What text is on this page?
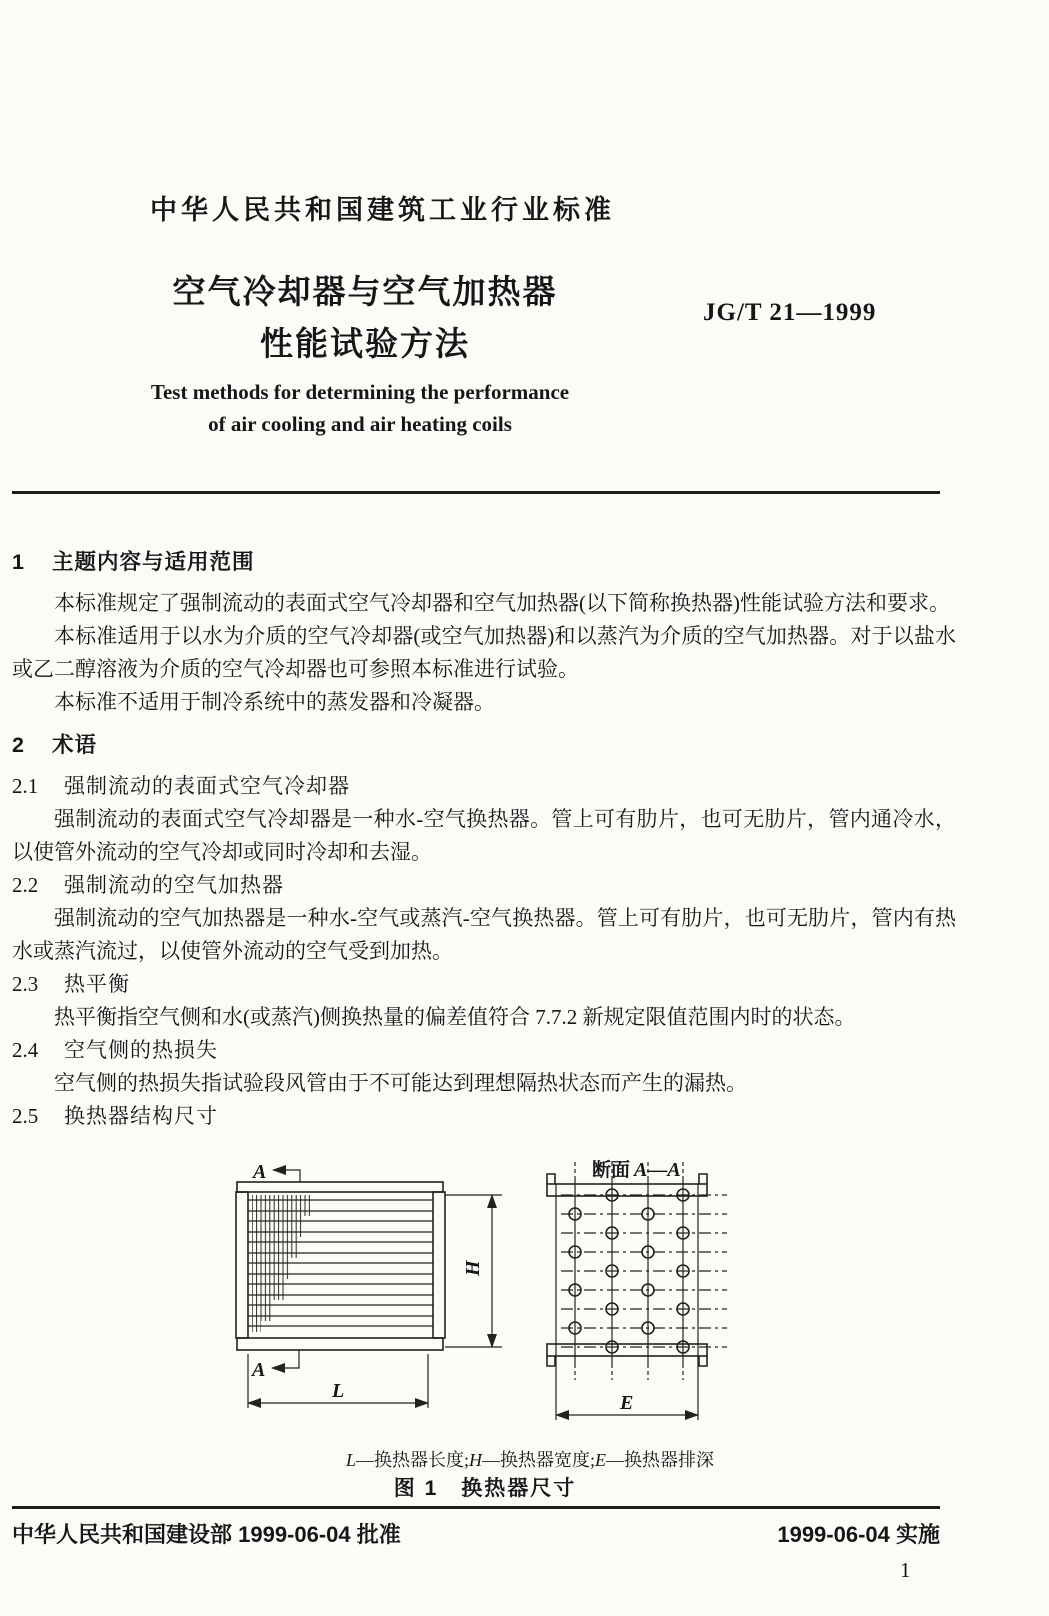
中华人民共和国建筑工业行业标准
空气冷却器与空气加热器
性能试验方法
JG/T 21—1999
Test methods for determining the performance
of air cooling and air heating coils

1 主题内容与适用范围

本标准规定了强制流动的表面式空气冷却器和空气加热器(以下简称换热器)性能试验方法和要求。

本标准适用于以水为介质的空气冷却器(或空气加热器)和以蒸汽为介质的空气加热器。对于以盐水或乙二醇溶液为介质的空气冷却器也可参照本标准进行试验。

本标准不适用于制冷系统中的蒸发器和冷凝器。

2 术语

2.1 强制流动的表面式空气冷却器

强制流动的表面式空气冷却器是一种水-空气换热器。管上可有肋片，也可无肋片，管内通冷水，以使管外流动的空气冷却或同时冷却和去湿。

2.2 强制流动的空气加热器

强制流动的空气加热器是一种水-空气或蒸汽-空气换热器。管上可有肋片，也可无肋片，管内有热水或蒸汽流过，以使管外流动的空气受到加热。

2.3 热平衡

热平衡指空气侧和水(或蒸汽)侧换热量的偏差值符合 7.7.2 新规定限值范围内时的状态。

2.4 空气侧的热损失

空气侧的热损失指试验段风管由于不可能达到理想隔热状态而产生的漏热。

2.5 换热器结构尺寸

A
A
H
L
断面 A—A
E
L—换热器长度;H—换热器宽度;E—换热器排深
图 1　换热器尺寸
中华人民共和国建设部 1999-06-04 批准	1999-06-04 实施
1
